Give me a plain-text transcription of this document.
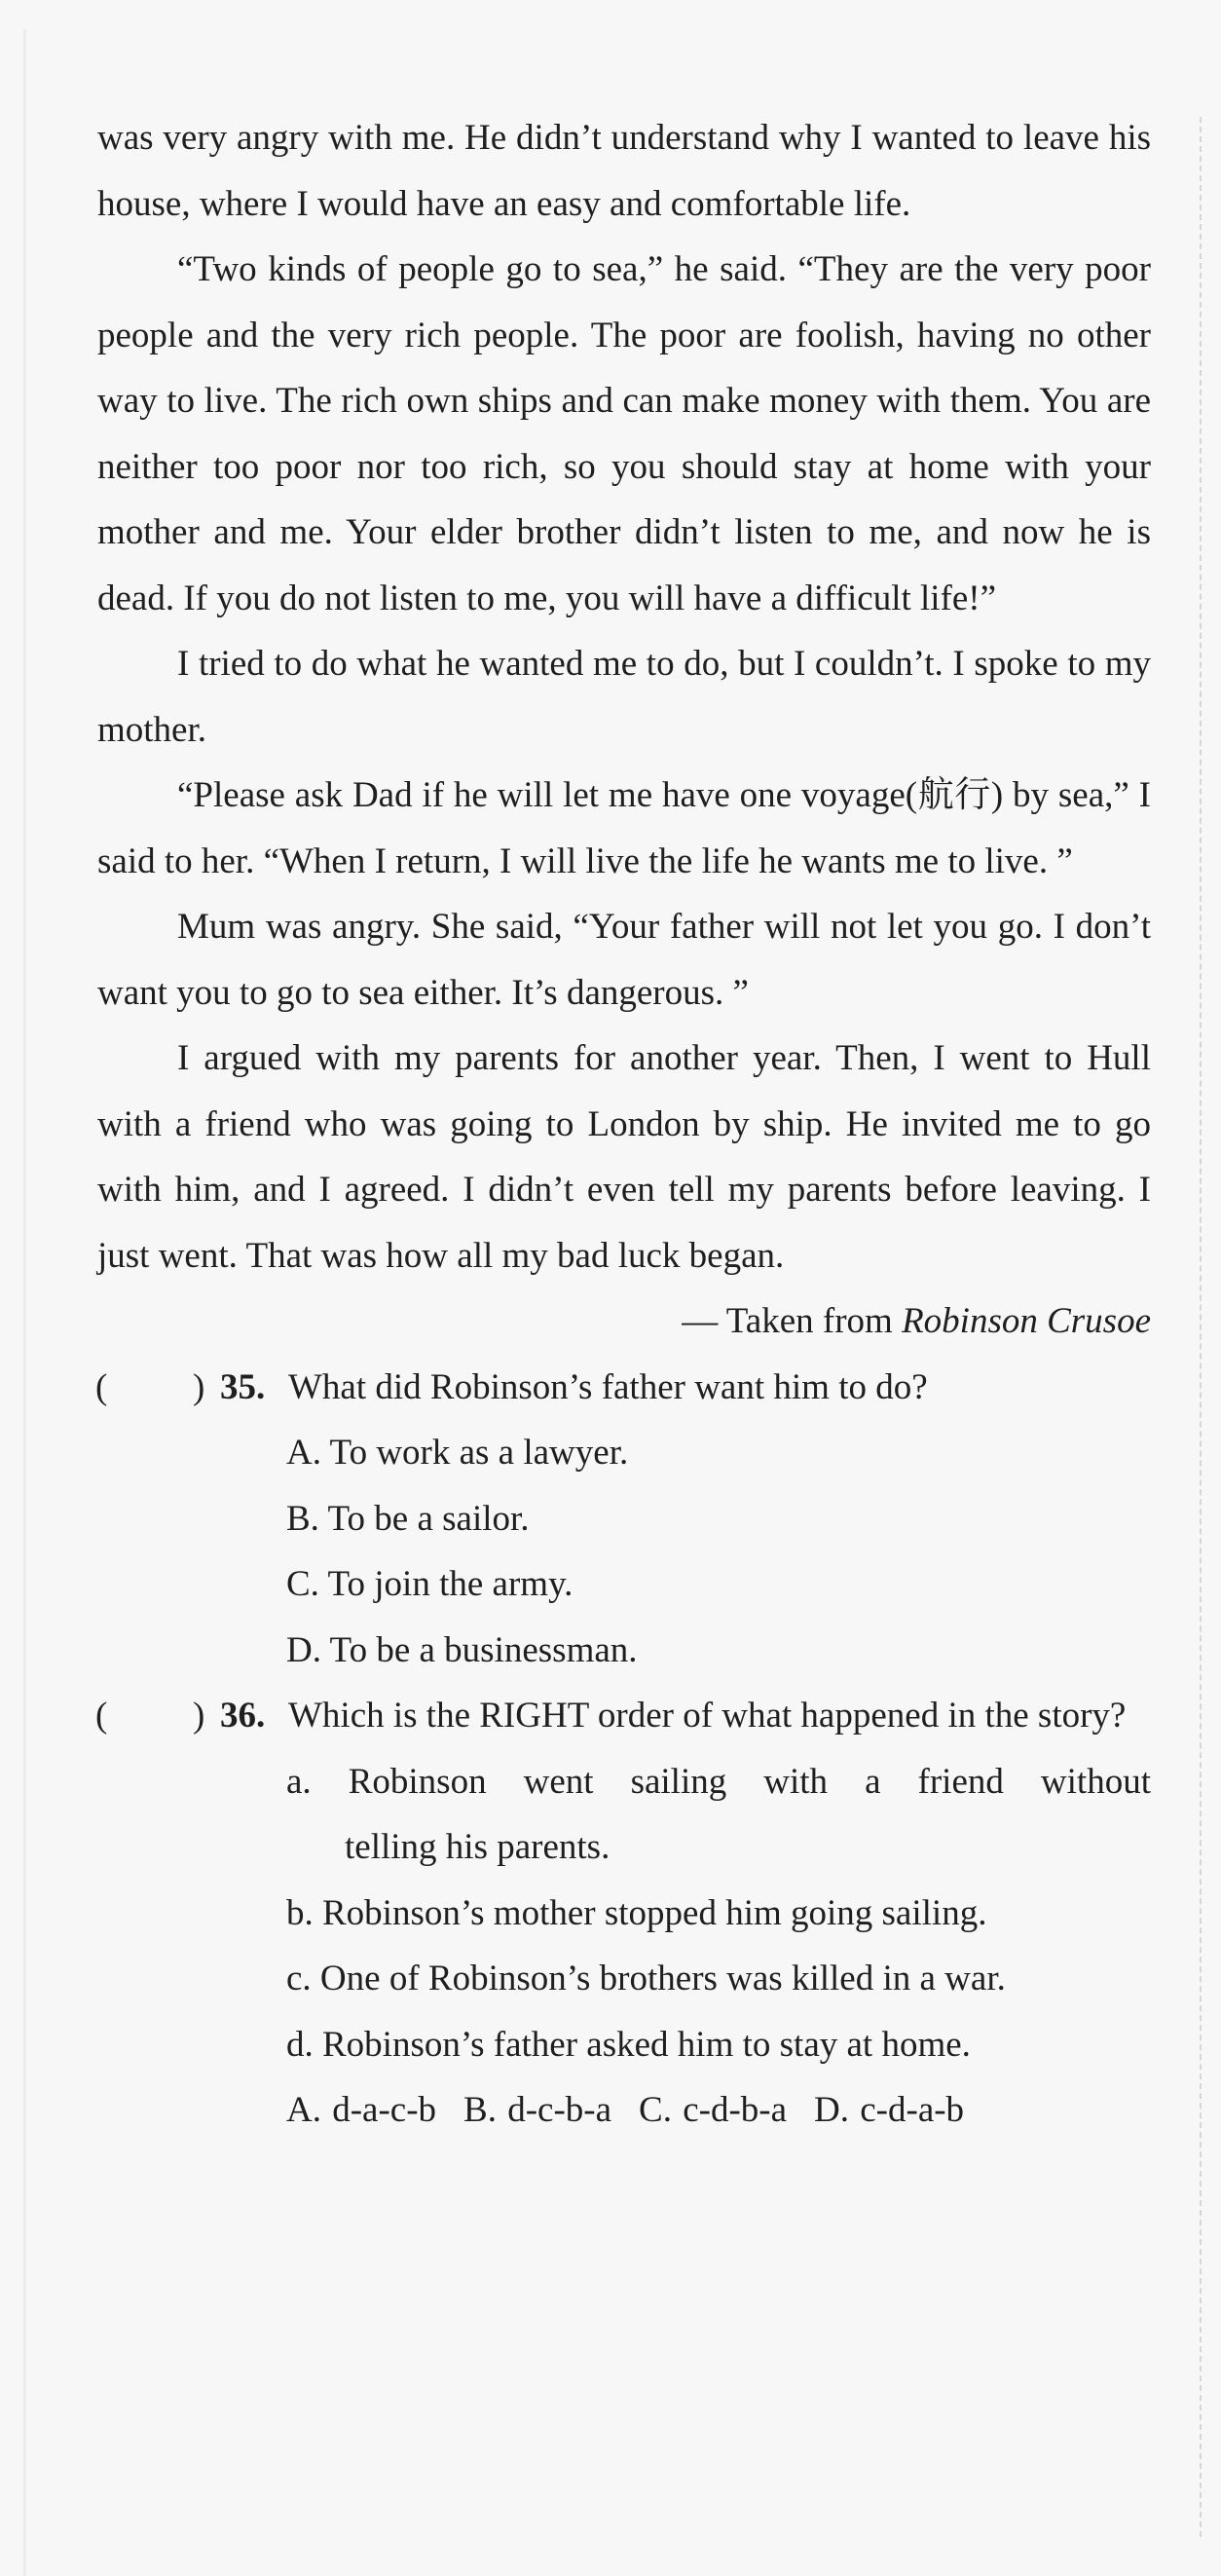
was very angry with me. He didn’t understand why I wanted to leave his house, where I would have an easy and comfortable life.

“Two kinds of people go to sea,” he said. “They are the very poor people and the very rich people. The poor are foolish, having no other way to live. The rich own ships and can make money with them. You are neither too poor nor too rich, so you should stay at home with your mother and me. Your elder brother didn’t listen to me, and now he is dead. If you do not listen to me, you will have a difficult life!”

I tried to do what he wanted me to do, but I couldn’t. I spoke to my mother.

“Please ask Dad if he will let me have one voyage(航行) by sea,” I said to her. “When I return, I will live the life he wants me to live. ”

Mum was angry. She said, “Your father will not let you go. I don’t want you to go to sea either. It’s dangerous. ”

I argued with my parents for another year. Then, I went to Hull with a friend who was going to London by ship. He invited me to go with him, and I agreed. I didn’t even tell my parents before leaving. I just went. That was how all my bad luck began.

— Taken from Robinson Crusoe

(	) 35. What did Robinson’s father want him to do?

A. To work as a lawyer.

B. To be a sailor.

C. To join the army.

D. To be a businessman.

(	) 36. Which is the RIGHT order of what happened in the story?

a. Robinson went sailing with a friend without

telling his parents.

b. Robinson’s mother stopped him going sailing.

c. One of Robinson’s brothers was killed in a war.

d. Robinson’s father asked him to stay at home.

A. d-a-c-b B. d-c-b-a C. c-d-b-a D. c-d-a-b
